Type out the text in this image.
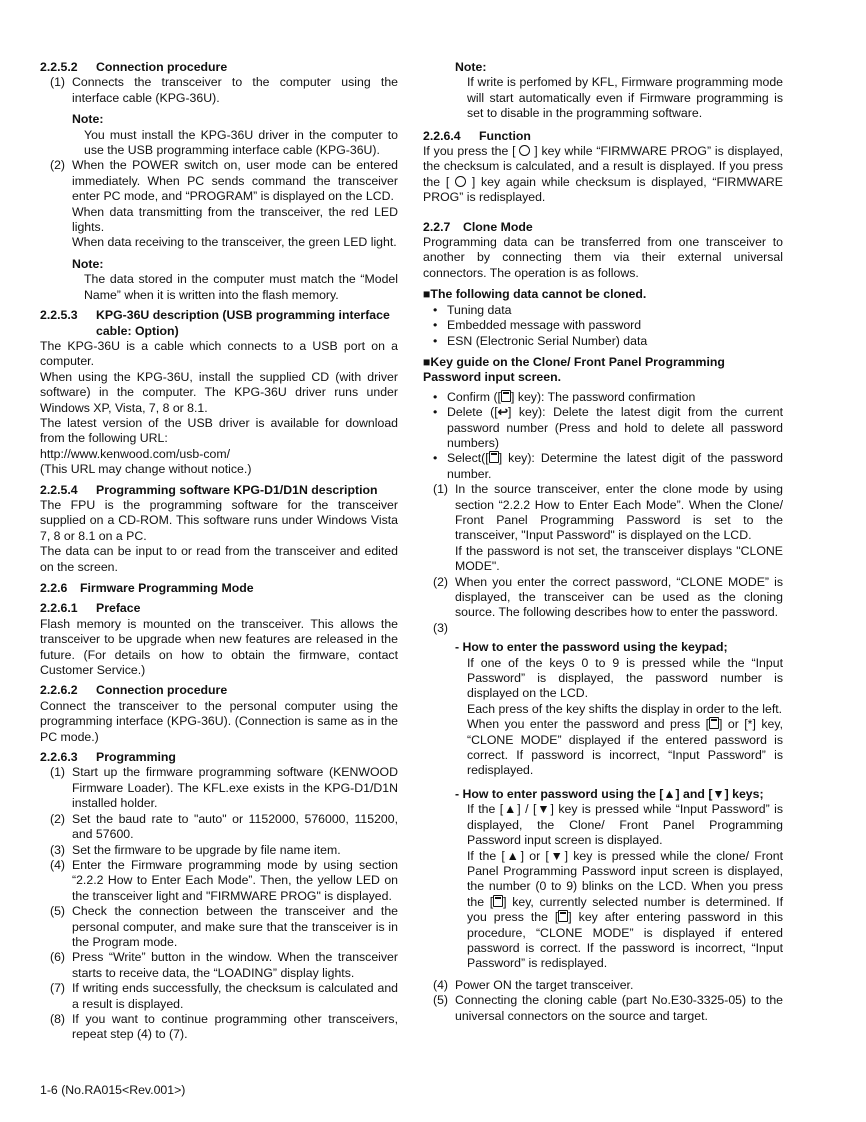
2.2.5.2 Connection procedure
(1) Connects the transceiver to the computer using the interface cable (KPG-36U).
Note:
You must install the KPG-36U driver in the computer to use the USB programming interface cable (KPG-36U).
(2) When the POWER switch on, user mode can be entered immediately. When PC sends command the transceiver enter PC mode, and “PROGRAM” is displayed on the LCD.
When data transmitting from the transceiver, the red LED lights.
When data receiving to the transceiver, the green LED light.
Note:
The data stored in the computer must match the “Model Name” when it is written into the flash memory.
2.2.5.3	KPG-36U description (USB programming interface cable: Option)

The KPG-36U is a cable which connects to a USB port on a computer.

When using the KPG-36U, install the supplied CD (with driver software) in the computer. The KPG-36U driver runs under Windows XP, Vista, 7, 8 or 8.1.

The latest version of the USB driver is available for download from the following URL:

http://www.kenwood.com/usb-com/

(This URL may change without notice.)

2.2.5.4 Programming software KPG-D1/D1N description

The FPU is the programming software for the transceiver supplied on a CD-ROM. This software runs under Windows Vista 7, 8 or 8.1 on a PC.

The data can be input to or read from the transceiver and edited on the screen.

2.2.6 Firmware Programming Mode
2.2.6.1 Preface

Flash memory is mounted on the transceiver. This allows the transceiver to be upgrade when new features are released in the future. (For details on how to obtain the firmware, contact Customer Service.)

2.2.6.2 Connection procedure

Connect the transceiver to the personal computer using the programming interface (KPG-36U). (Connection is same as in the PC mode.)

2.2.6.3 Programming
(1) Start up the firmware programming software (KENWOOD Firmware Loader). The KFL.exe exists in the KPG-D1/D1N installed holder.
(2) Set the baud rate to "auto" or 1152000, 576000, 115200, and 57600.
(3) Set the firmware to be upgrade by file name item.
(4) Enter the Firmware programming mode by using section “2.2.2 How to Enter Each Mode”. Then, the yellow LED on the transceiver light and "FIRMWARE PROG" is displayed.
(5) Check the connection between the transceiver and the personal computer, and make sure that the transceiver is in the Program mode.
(6) Press “Write” button in the window. When the transceiver starts to receive data, the “LOADING” display lights.
(7) If writing ends successfully, the checksum is calculated and a result is displayed.
(8) If you want to continue programming other transceivers, repeat step (4) to (7).
Note:
If write is perfomed by KFL, Firmware programming mode will start automatically even if Firmware programming is set to disable in the programming software.
2.2.6.4 Function

If you press the [ ] key while “FIRMWARE PROG” is displayed, the checksum is calculated, and a result is displayed. If you press the [ ] key again while checksum is displayed, “FIRMWARE PROG” is redisplayed.

2.2.7 Clone Mode

Programming data can be transferred from one transceiver to another by connecting them via their external universal connectors. The operation is as follows.

■The following data cannot be cloned.
• Tuning data
• Embedded message with password
• ESN (Electronic Serial Number) data
■Key guide on the Clone/ Front Panel Programming Password input screen.
• Confirm ([ ] key): The password confirmation
• Delete ([↩] key): Delete the latest digit from the current password number (Press and hold to delete all password numbers)
• Select([ ] key): Determine the latest digit of the password number.
(1) In the source transceiver, enter the clone mode by using section “2.2.2 How to Enter Each Mode”. When the Clone/ Front Panel Programming Password is set to the transceiver, "Input Password" is displayed on the LCD.
If the password is not set, the transceiver displays "CLONE MODE".
(2) When you enter the correct password, “CLONE MODE” is displayed, the transceiver can be used as the cloning source. The following describes how to enter the password.
(3)
- How to enter the password using the keypad;
If one of the keys 0 to 9 is pressed while the “Input Password” is displayed, the password number is displayed on the LCD.
Each press of the key shifts the display in order to the left.
When you enter the password and press [ ] or [*] key, “CLONE MODE” displayed if the entered password is correct. If password is incorrect, “Input Password” is redisplayed.
- How to enter password using the [▲] and [▼] keys;
If the [▲] / [▼] key is pressed while “Input Password” is displayed, the Clone/ Front Panel Programming Password input screen is displayed.
If the [▲] or [▼] key is pressed while the clone/ Front Panel Programming Password input screen is displayed, the number (0 to 9) blinks on the LCD. When you press the [ ] key, currently selected number is determined. If you press the [ ] key after entering password in this procedure, “CLONE MODE” is displayed if entered password is correct. If the password is incorrect, “Input Password” is redisplayed.
(4) Power ON the target transceiver.
(5) Connecting the cloning cable (part No.E30-3325-05) to the universal connectors on the source and target.
1-6 (No.RA015<Rev.001>)
